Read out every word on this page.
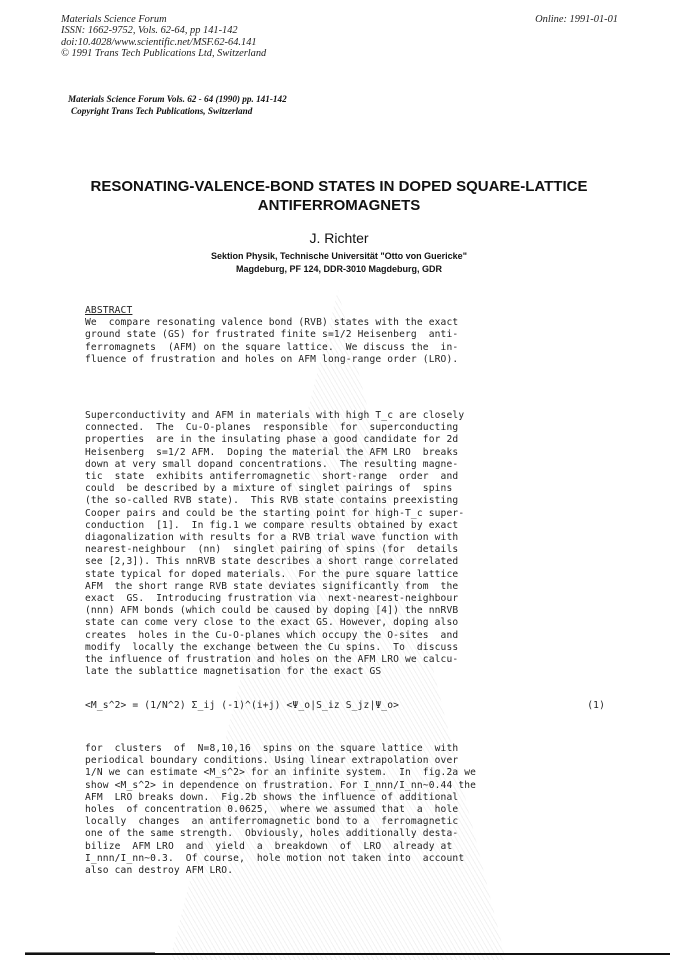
Materials Science Forum
ISSN: 1662-9752, Vols. 62-64, pp 141-142
doi:10.4028/www.scientific.net/MSF.62-64.141
© 1991 Trans Tech Publications Ltd, Switzerland
Online: 1991-01-01
Materials Science Forum Vols. 62 - 64 (1990) pp. 141-142
Copyright Trans Tech Publications, Switzerland
RESONATING-VALENCE-BOND STATES IN DOPED SQUARE-LATTICE
ANTIFERROMAGNETS
J. Richter
Sektion Physik, Technische Universität "Otto von Guericke"
Magdeburg, PF 124, DDR-3010 Magdeburg, GDR
ABSTRACT
We  compare resonating valence bond (RVB) states with the exact
ground state (GS) for frustrated finite s=1/2 Heisenberg  anti-
ferromagnets  (AFM) on the square lattice.  We discuss the  in-
fluence of frustration and holes on AFM long-range order (LRO).
Superconductivity and AFM in materials with high T_c are closely
connected.  The  Cu-O-planes  responsible  for  superconducting
properties  are in the insulating phase a good candidate for 2d
Heisenberg  s=1/2 AFM.  Doping the material the AFM LRO  breaks
down at very small dopand concentrations.  The resulting magne-
tic  state  exhibits antiferromagnetic  short-range  order  and
could  be described by a mixture of singlet pairings of  spins
(the so-called RVB state).  This RVB state contains preexisting
Cooper pairs and could be the starting point for high-T_c super-
conduction  [1].  In fig.1 we compare results obtained by exact
diagonalization with results for a RVB trial wave function with
nearest-neighbour  (nn)  singlet pairing of spins (for  details
see [2,3]). This nnRVB state describes a short range correlated
state typical for doped materials.  For the pure square lattice
AFM  the short range RVB state deviates significantly from  the
exact  GS.  Introducing frustration via  next-nearest-neighbour
(nnn) AFM bonds (which could be caused by doping [4]) the nnRVB
state can come very close to the exact GS. However, doping also
creates  holes in the Cu-O-planes which occupy the O-sites  and
modify  locally the exchange between the Cu spins.  To  discuss
the influence of frustration and holes on the AFM LRO we calcu-
late the sublattice magnetisation for the exact GS

<M_s^2> = (1/N^2) Σ_ij (-1)^(i+j) <Ψ_o|S_iz S_jz|Ψ_o>

	(1)

for  clusters  of  N=8,10,16  spins on the square lattice  with
periodical boundary conditions. Using linear extrapolation over
1/N we can estimate <M_s^2> for an infinite system.  In  fig.2a we
show <M_s^2> in dependence on frustration. For I_nnn/I_nn~0.44 the
AFM  LRO breaks down.  Fig.2b shows the influence of additional
holes  of concentration 0.0625,  where we assumed that  a  hole
locally  changes  an antiferromagnetic bond to a  ferromagnetic
one of the same strength.  Obviously, holes additionally desta-
bilize  AFM LRO  and  yield  a  breakdown  of  LRO  already at
I_nnn/I_nn~0.3.  Of course,  hole motion not taken into  account
also can destroy AFM LRO.
